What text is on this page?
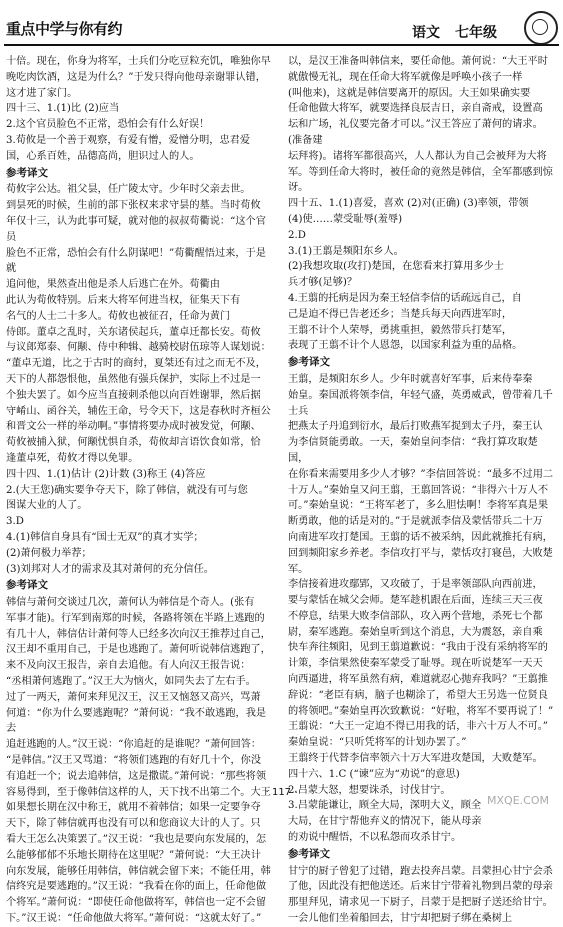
重点中学与你有约	语文 七年级
十倍。现在，你身为将军，士兵们分吃豆粒充饥，唯独你早
晚吃肉饮酒，这是为什么？”于发只得向他母亲谢罪认错，
这才进了家门。
四十三、1.(1)比 (2)应当
2.这个官员脸色不正常，恐怕会有什么好误！
3.荀攸是一个善于观察，有爱有憎，爱憎分明，忠君爱
国，心系百姓，品德高尚，胆识过人的人。
参考译文
荀攸字公达。祖父昙，任广陵太守。少年时父亲去世。
到昙死的时候，生前的部下张权来求守昙的墓。当时荀攸
年仅十三，认为此事可疑，就对他的叔叔荀衢说：“这个官员
脸色不正常，恐怕会有什么阴谋吧！”荀衢醒悟过来，于是就
追问他，果然查出他是杀人后逃亡在外。荀衢由
此认为荀攸特别。后来大将军何进当权，征集天下有
名气的人士二十多人。荀攸也被征召，任命为黄门
侍郎。董卓之乱时，关东诸侯起兵，董卓迁都长安。荀攸
与议郎郑泰、何颙、侍中种辑、越骑校尉伍琼等人谋划说：
“董卓无道，比之于古时的商纣，夏桀还有过之而无不及，
天下的人都怨恨他，虽然他有强兵保护，实际上不过是一
个独夫罢了。如今应当直接刺杀他以向百姓谢罪，然后据
守崤山、函谷关，辅佐王命，号令天下，这是春秋时齐桓公
和晋文公一样的举动啊。”事情将要办成时被发觉，何颙、
荀攸被捕入狱，何颙忧惧自杀，荀攸却言语饮食如常，恰
逢董卓死，荀攸才得以免罪。
四十四、1.(1)估计 (2)计数 (3)称王 (4)答应
2.(大王您)确实要争夺天下，除了韩信，就没有可与您
图谋大业的人了。
3.D
4.(1)韩信自身具有“国士无双”的真才实学；
(2)萧何极力举荐；
(3)刘邦对人才的需求及其对萧何的充分信任。
参考译文
韩信与萧何交谈过几次，萧何认为韩信是个奇人。(张有
军事才能)。行军到南郑的时候，各路将领在半路上逃跑的
有几十人，韩信估计萧何等人已经多次向汉王推荐过自己，
汉王却不重用自己，于是也逃跑了。萧何听说韩信逃跑了，
来不及向汉王报告，亲自去追他。有人向汉王报告说：
“丞相萧何逃跑了。”汉王大为恼火，如同失去了左右手。
过了一两天，萧何来拜见汉王，汉王又恼怒又高兴，骂萧
何道：“你为什么要逃跑呢？”萧何说：“我不敢逃跑，我是去
追赶逃跑的人。”汉王说：“你追赶的是谁呢？”萧何回答：
“是韩信。”汉王又骂道：“将领们逃跑的有好几十个，你没
有追赶一个；说去追韩信，这是撒谎。”萧何说：“那些将领
容易得到，至于像韩信这样的人，天下找不出第二个。大王
如果想长期在汉中称王，就用不着韩信；如果一定要争夺
天下，除了韩信就再也没有可以和您商议大计的人了。只
看大王怎么决策罢了。”汉王说：“我也是要向东发展的，怎
么能够郁郁不乐地长期待在这里呢？”萧何说：“大王决计
向东发展，能够任用韩信，韩信就会留下来；不能任用，韩
信终究是要逃跑的。”汉王说：“我看在你的面上，任命他做
个将军。”萧何说：“即使任命他做将军，韩信也一定不会留
下。”汉王说：“任命他做大将军。”萧何说：“这就太好了。”
以，是汉王准备叫韩信来，要任命他。萧何说：“大王平时
就傲慢无礼，现在任命大将军就像是呼唤小孩子一样
(叫他来)，这就是韩信要离开的原因。大王如果确实要
任命他做大将军，就要选择良辰吉日，亲自斋戒，设置高
坛和广场，礼仪要完备才可以。”汉王答应了萧何的请求。(准备建
坛拜将)。诸将军都很高兴，人人都认为自己会被拜为大将
军。等到任命大将时，被任命的竟然是韩信，全军都感到惊讶。
四十五、1.(1)喜爱，喜欢 (2)对(正确) (3)率领，带领
(4)使……蒙受耻辱(羞辱)
2.D
3.(1)王翦是频阳东乡人。
(2)我想攻取(攻打)楚国，在您看来打算用多少士
兵才够(足够)？
4.王翦的托病是因为秦王轻信李信的话疏远自己，自
己是迫不得已告老还乡；当楚兵每天向西进军时，
王翦不计个人荣辱，勇挑重担，毅然带兵打楚军，
表现了王翦不计个人恩怨，以国家利益为重的品格。
参考译文
王翦，是频阳东乡人。少年时就喜好军事，后来侍奉秦
始皇。秦国派将领李信，年轻气盛，英勇威武，曾带着几千士兵
把燕太子丹追到衍水，最后打败燕军捉到太子丹，秦王认
为李信贤能勇敢。一天，秦始皇问李信：“我打算攻取楚国，
在你看来需要用多少人才够？”李信回答说：“最多不过用二
十万人。”秦始皇又问王翦，王翦回答说：“非得六十万人不
可。”秦始皇说：“王将军老了，多么胆怯啊！李将军真是果
断勇敢，他的话是对的。”于是就派李信及蒙恬带兵二十万
向南进军攻打楚国。王翦的话不被采纳，因此就推托有病，
回到频阳家乡养老。李信攻打平与，蒙恬攻打寝邑，大败楚军。
李信接着进攻鄢郢，又攻破了，于是率领部队向西前进，
要与蒙恬在城父会师。楚军趁机跟在后面，连续三天三夜
不停息，结果大败李信部队，攻入两个营地，杀死七个都
尉，秦军逃跑。秦始皇听到这个消息，大为震怒，亲自乘
快车奔往频阳，见到王翦道歉说：“我由于没有采纳将军的
计策，李信果然使秦军蒙受了耻辱。现在听说楚军一天天
向西逼进，将军虽然有病，难道就忍心抛弃我吗？”王翦推
辞说：“老臣有病，脑子也糊涂了，希望大王另选一位贤良
的将领吧。”秦始皇再次致歉说：“好啦，将军不要再说了！”
王翦说：“大王一定迫不得已用我的话，非六十万人不可。”
秦始皇说：“只听凭将军的计划办罢了。”
王翦终于代替李信率领六十万大军进攻楚国，大败楚军。
四十六、1.C (“谏”应为“劝说”的意思)
2.吕蒙大怒，想要诛杀，讨伐甘宁。
3.吕蒙能谦让，顾全大局，深明大义，顾全
大局，在甘宁帮他弃义的情况下，能从母亲
的劝说中醒悟，不以私怨而攻杀甘宁。
参考译文
甘宁的厨子曾犯了过错，跑去投奔吕蒙。吕蒙担心甘宁会杀
了他，因此没有把他送还。后来甘宁带着礼物到吕蒙的母亲
那里拜见，请求见一下厨子，吕蒙于是把厨子送还给甘宁。
一会儿他们坐着船回去，甘宁却把厨子绑在桑树上
· 117 ·
MXQE.COM
